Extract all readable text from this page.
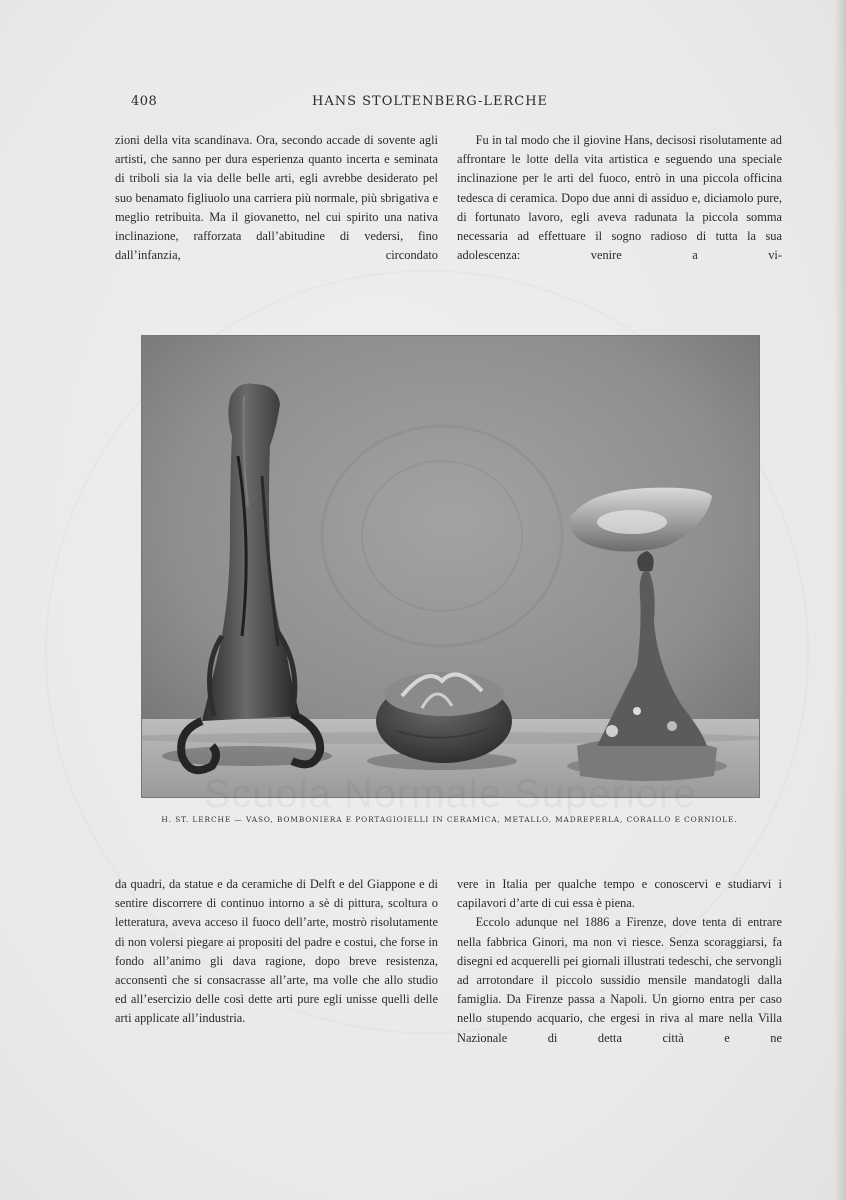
408	HANS STOLTENBERG-LERCHE

zioni della vita scandinava. Ora, secondo accade di sovente agli artisti, che sanno per dura esperienza quanto incerta e seminata di triboli sia la via delle belle arti, egli avrebbe desiderato pel suo benamato figliuolo una carriera più normale, più sbrigativa e meglio retribuita. Ma il giovanetto, nel cui spirito una nativa inclinazione, rafforzata dall’abitudine di vedersi, fino dall’infanzia, circondato

Fu in tal modo che il giovine Hans, decisosi risolutamente ad affrontare le lotte della vita artistica e seguendo una speciale inclinazione per le arti del fuoco, entrò in una piccola officina tedesca di ceramica. Dopo due anni di assiduo e, diciamolo pure, di fortunato lavoro, egli aveva radunata la piccola somma necessaria ad effettuare il sogno radioso di tutta la sua adolescenza: venire a vi-

H. ST. LERCHE — VASO, BOMBONIERA E PORTAGIOIELLI IN CERAMICA, METALLO, MADREPERLA, CORALLO E CORNIOLE.

da quadri, da statue e da ceramiche di Delft e del Giappone e di sentire discorrere di continuo intorno a sè di pittura, scoltura o letteratura, aveva acceso il fuoco dell’arte, mostrò risolutamente di non volersi piegare ai propositi del padre e costui, che forse in fondo all’animo gli dava ragione, dopo breve resistenza, acconsentì che si consacrasse all’arte, ma volle che allo studio ed all’esercizio delle così dette arti pure egli unisse quelli delle arti applicate all’industria.

vere in Italia per qualche tempo e conoscervi e studiarvi i capilavori d’arte di cui essa è piena.

Eccolo adunque nel 1886 a Firenze, dove tenta di entrare nella fabbrica Ginori, ma non vi riesce. Senza scoraggiarsi, fa disegni ed acquerelli pei giornali illustrati tedeschi, che servongli ad arrotondare il piccolo sussidio mensile mandatogli dalla famiglia. Da Firenze passa a Napoli. Un giorno entra per caso nello stupendo acquario, che ergesi in riva al mare nella Villa Nazionale di detta città e ne
